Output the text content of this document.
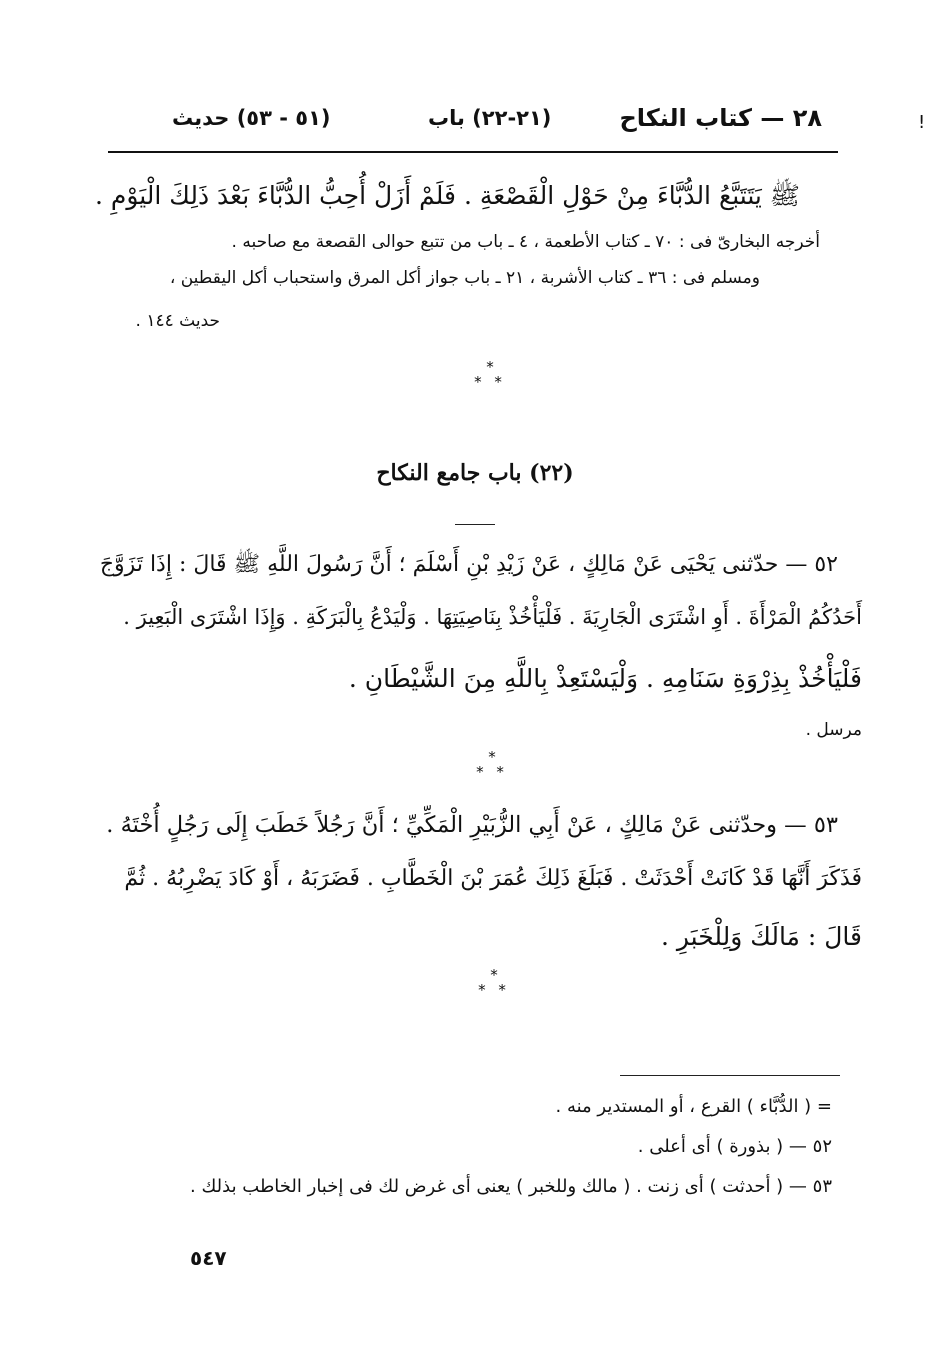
٢٨ — كتاب النكاح
(٢١-٢٢) باب
(٥١ - ٥٣) حديث	!
ﷺ يَتَتَبَّعُ الدُّبَّاءَ مِنْ حَوْلِ الْقَصْعَةِ . فَلَمْ أَزَلْ أُحِبُّ الدُّبَّاءَ بَعْدَ ذَلِكَ الْيَوْمِ .
أخرجه البخارىّ فى : ٧٠ ـ كتاب الأطعمة ، ٤ ـ باب من تتبع حوالى القصعة مع صاحبه .
ومسلم فى : ٣٦ ـ كتاب الأشربة ، ٢١ ـ باب جواز أكل المرق واستحباب أكل اليقطين ،
حديث ١٤٤ .
*
* *
(٢٢) باب جامع النكاح
٥٢ — حدّثنى يَحْيَى عَنْ مَالِكٍ ، عَنْ زَيْدِ بْنِ أَسْلَمَ ؛ أَنَّ رَسُولَ اللَّهِ ﷺ قَالَ : إِذَا تَزَوَّجَ
أَحَدُكُمُ الْمَرْأَةَ . أَوِ اشْتَرَى الْجَارِيَةَ . فَلْيَأْخُذْ بِنَاصِيَتِهَا . وَلْيَدْعُ بِالْبَرَكَةِ . وَإِذَا اشْتَرَى الْبَعِيرَ .
فَلْيَأْخُذْ بِذِرْوَةِ سَنَامِهِ . وَلْيَسْتَعِذْ بِاللَّهِ مِنَ الشَّيْطَانِ .
مرسل .
*
* *
٥٣ — وحدّثنى عَنْ مَالِكٍ ، عَنْ أَبِي الزُّبَيْرِ الْمَكِّيِّ ؛ أَنَّ رَجُلاً خَطَبَ إِلَى رَجُلٍ أُخْتَهُ .
فَذَكَرَ أَنَّهَا قَدْ كَانَتْ أَحْدَثَتْ . فَبَلَغَ ذَلِكَ عُمَرَ بْنَ الْخَطَّابِ . فَضَرَبَهُ ، أَوْ كَادَ يَضْرِبُهُ . ثُمَّ
قَالَ : مَالَكَ وَلِلْخَبَرِ .
*
* *
= ( الدُّبَّاء ) القرع ، أو المستدير منه .
٥٢ — ( بذورة ) أى أعلى .
٥٣ — ( أحدثت ) أى زنت . ( مالك وللخبر ) يعنى أى غرض لك فى إخبار الخاطب بذلك .
٥٤٧
